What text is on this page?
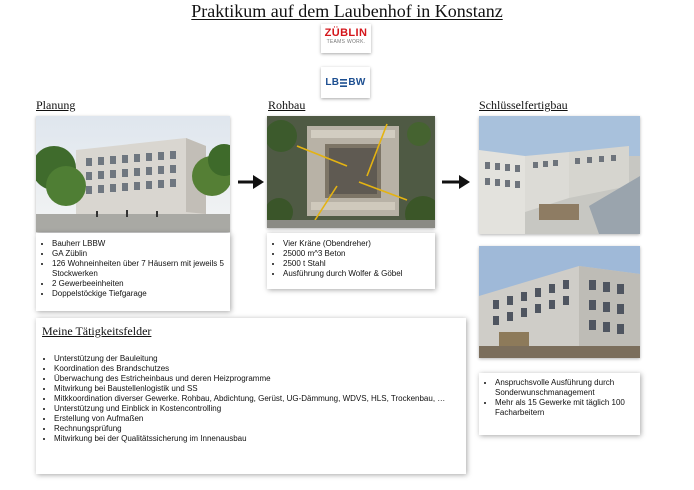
Praktikum auf dem Laubenhof in Konstanz
ZÜBLIN
TEAMS WORK.
LB BW
Planung	Rohbau	Schlüsselfertigbau
• Bauherr LBBW
• GA Züblin
• 126 Wohneinheiten über 7 Häusern mit jeweils 5 Stockwerken
• 2 Gewerbeeinheiten
• Doppelstöckige Tiefgarage
• Vier Kräne (Obendreher)
• 25000 m^3 Beton
• 2500 t Stahl
• Ausführung durch Wolfer & Göbel
Meine Tätigkeitsfelder
• Unterstützung der Bauleitung
• Koordination des Brandschutzes
• Überwachung des Estricheinbaus und deren Heizprogramme
• Mitwirkung bei Baustellenlogistik und SS
• Mitkkoordination diverser Gewerke. Rohbau, Abdichtung, Gerüst, UG-Dämmung, WDVS, HLS, Trockenbau, …
• Unterstützung und Einblick in Kostencontrolling
• Erstellung von Aufmaßen
• Rechnungsprüfung
• Mitwirkung bei der Qualitätssicherung im Innenausbau
• Anspruchsvolle Ausführung durch Sonderwunschmanagement
• Mehr als 15 Gewerke mit täglich 100 Facharbeitern
